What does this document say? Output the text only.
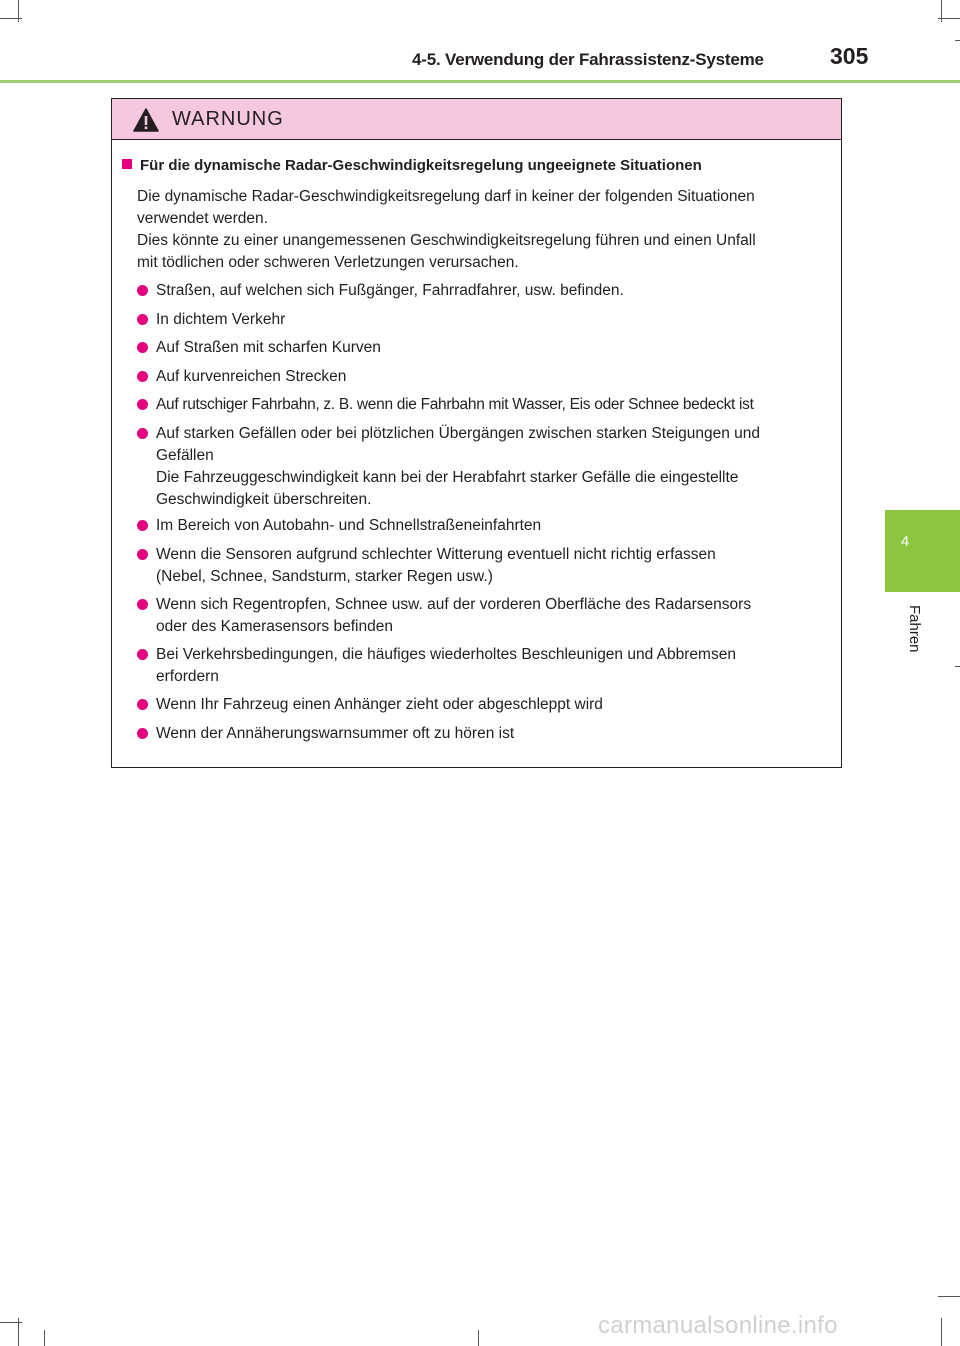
4-5. Verwendung der Fahrassistenz-Systeme	305
4
Fahren
WARNUNG
Für die dynamische Radar-Geschwindigkeitsregelung ungeeignete Situationen
Die dynamische Radar-Geschwindigkeitsregelung darf in keiner der folgenden Situationen
verwendet werden.
Dies könnte zu einer unangemessenen Geschwindigkeitsregelung führen und einen Unfall
mit tödlichen oder schweren Verletzungen verursachen.
Straßen, auf welchen sich Fußgänger, Fahrradfahrer, usw. befinden.
In dichtem Verkehr
Auf Straßen mit scharfen Kurven
Auf kurvenreichen Strecken
Auf rutschiger Fahrbahn, z. B. wenn die Fahrbahn mit Wasser, Eis oder Schnee bedeckt ist
Auf starken Gefällen oder bei plötzlichen Übergängen zwischen starken Steigungen und
Gefällen
Die Fahrzeuggeschwindigkeit kann bei der Herabfahrt starker Gefälle die eingestellte
Geschwindigkeit überschreiten.
Im Bereich von Autobahn- und Schnellstraßeneinfahrten
Wenn die Sensoren aufgrund schlechter Witterung eventuell nicht richtig erfassen
(Nebel, Schnee, Sandsturm, starker Regen usw.)
Wenn sich Regentropfen, Schnee usw. auf der vorderen Oberfläche des Radarsensors
oder des Kamerasensors befinden
Bei Verkehrsbedingungen, die häufiges wiederholtes Beschleunigen und Abbremsen
erfordern
Wenn Ihr Fahrzeug einen Anhänger zieht oder abgeschleppt wird
Wenn der Annäherungswarnsummer oft zu hören ist
carmanualsonline.info
